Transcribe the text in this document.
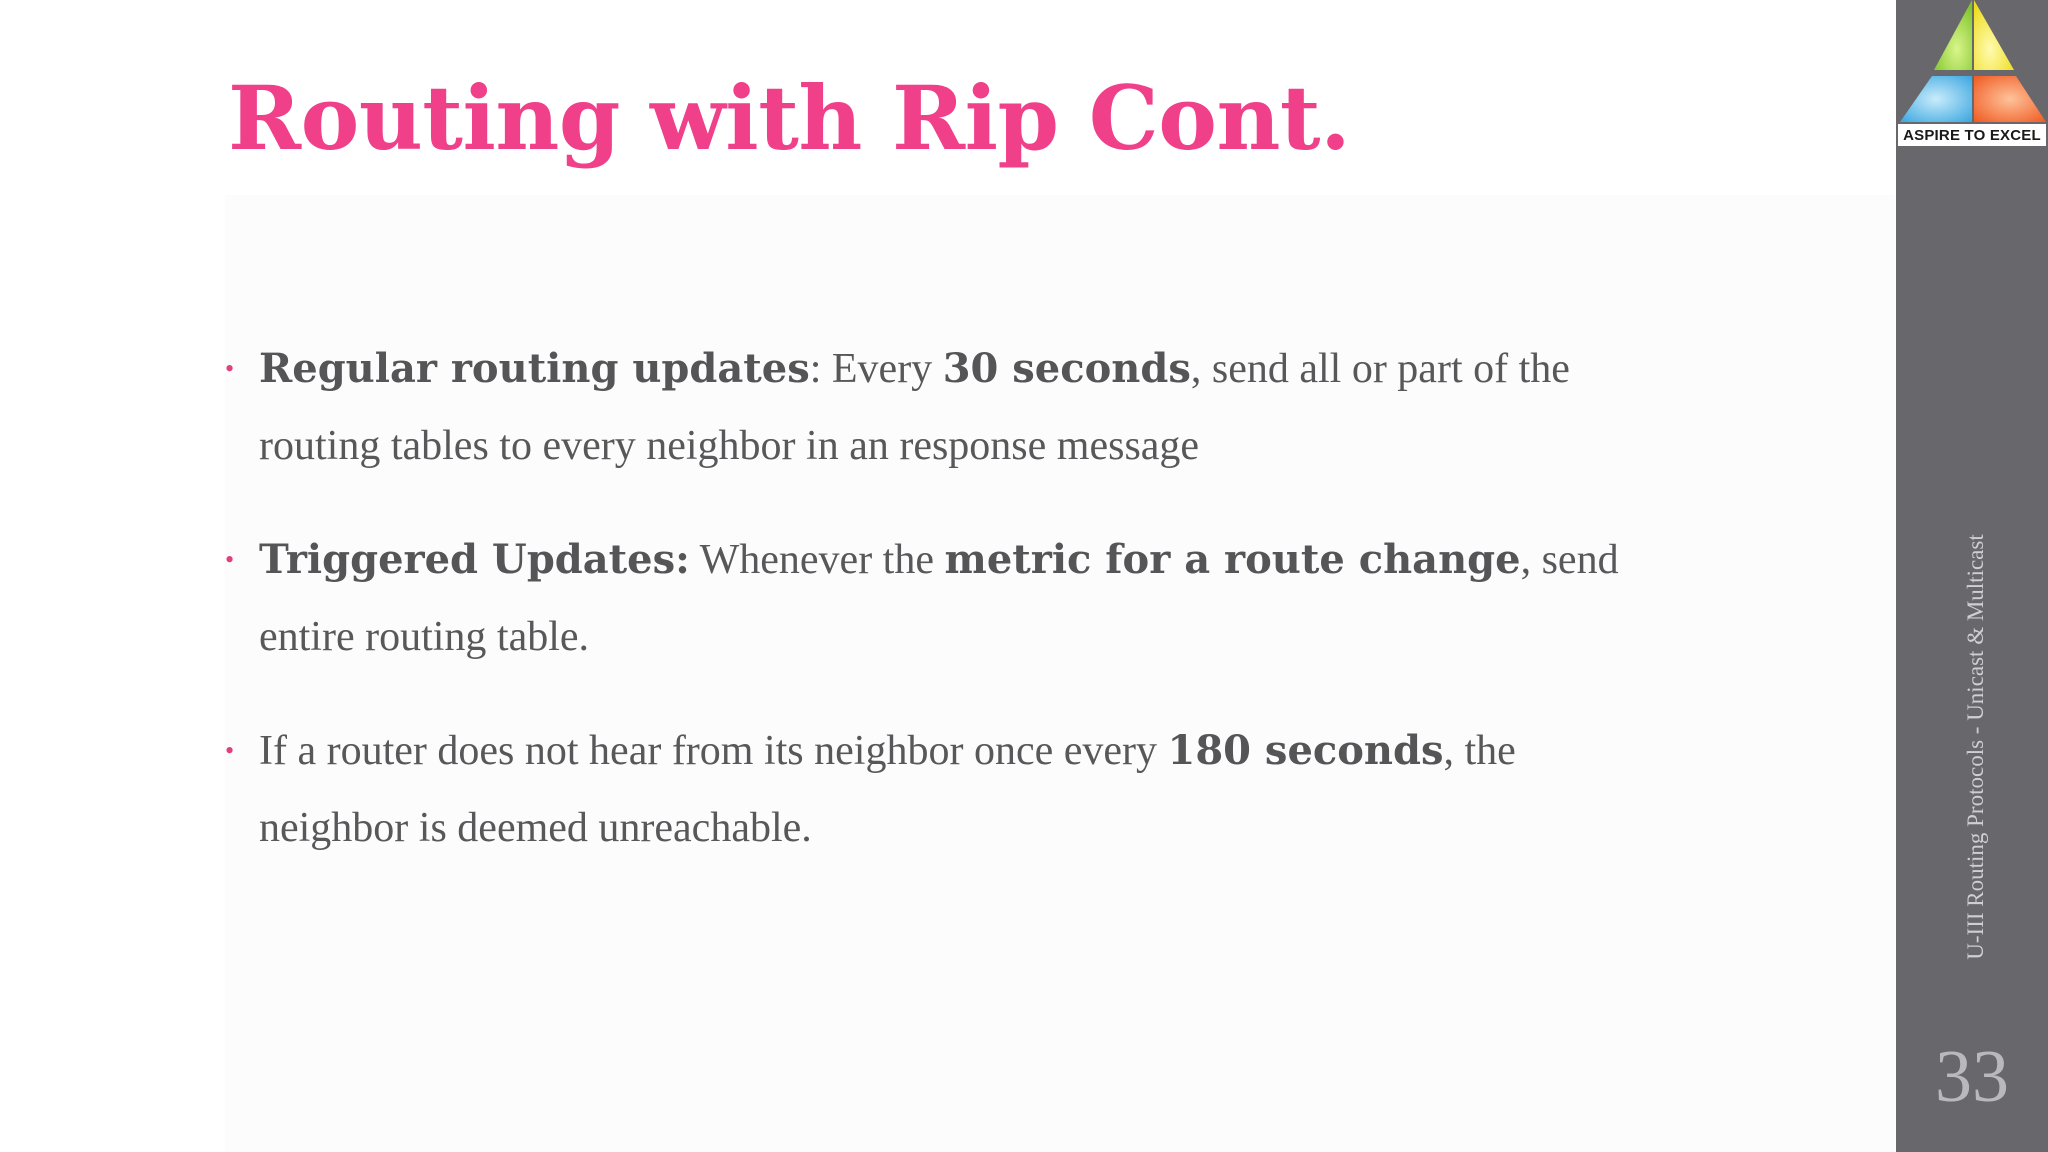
Routing with Rip Cont.
• Regular routing updates: Every 30 seconds, send all or part of the routing tables to every neighbor in an response message
• Triggered Updates: Whenever the metric for a route change, send entire routing table.
• If a router does not hear from its neighbor once every 180 seconds, the neighbor is deemed unreachable.
ASPIRE TO EXCEL
U-III Routing Protocols - Unicast & Multicast
33
